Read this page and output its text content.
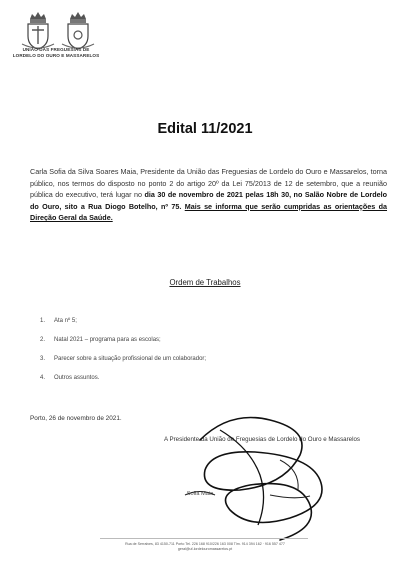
UNIÃO DAS FREGUESIAS DE
LORDELO DO OURO E MASSARELOS
Edital 11/2021
Carla Sofia da Silva Soares Maia, Presidente da União das Freguesias de Lordelo do Ouro e Massarelos, torna público, nos termos do disposto no ponto 2 do artigo 20º da Lei 75/2013 de 12 de setembro, que a reunião pública do executivo, terá lugar no dia 30 de novembro de 2021 pelas 18h 30, no Salão Nobre de Lordelo do Ouro, sito a Rua Diogo Botelho, nº 75. Mais se informa que serão cumpridas as orientações da Direção Geral da Saúde.
Ordem de Trabalhos
1.	Ata nº 5;
2.	Natal 2021 – programa para as escolas;
3.	Parecer sobre a situação profissional de um colaborador;
4.	Outros assuntos.
Porto, 26 de novembro de 2021.
A Presidente da União de Freguesias de Lordelo do Ouro e Massarelos
Sofia Maia
Rua de Serralves, 83 4150-711 Porto Tel. 226 168 910/226 163 008 Tlm. 914 394 162 · 916 557 477
geral@uf-lordelouromassarelos.pt
